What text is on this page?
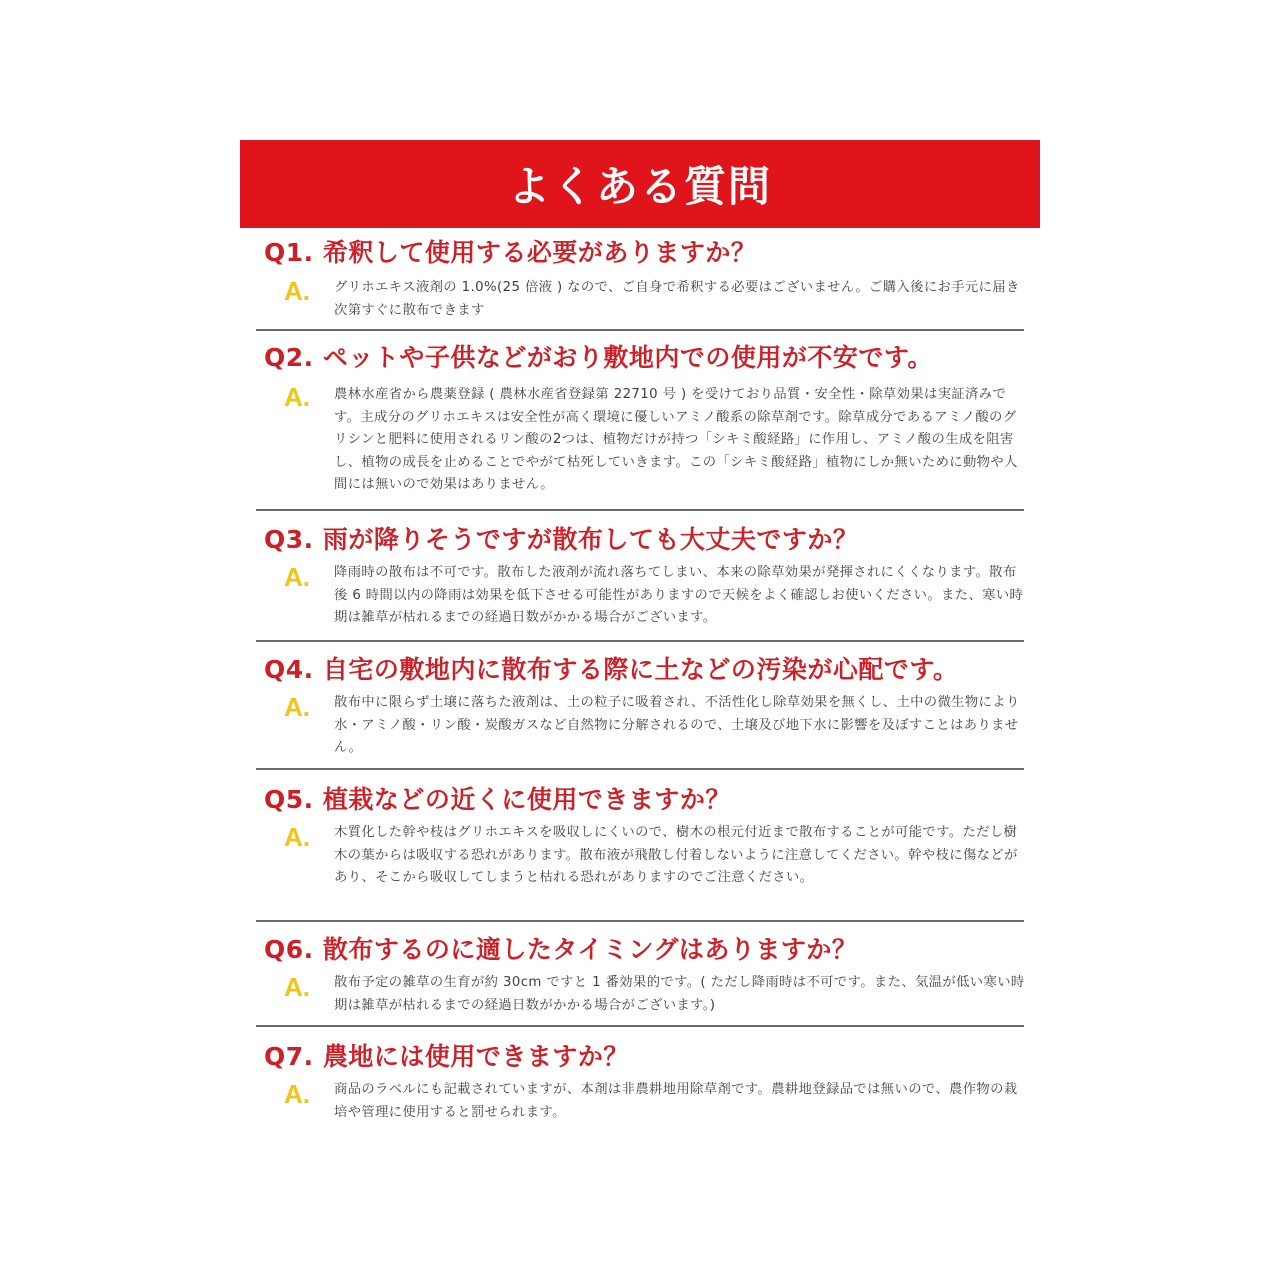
よくある質問
Q1. 希釈して使用する必要がありますか？
A. グリホエキス液剤の 1.0%(25 倍液 ) なので、ご自身で希釈する必要はございません。ご購入後にお手元に届き次第すぐに散布できます

Q2. ペットや子供などがおり敷地内での使用が不安です。
A. 農林水産省から農薬登録 ( 農林水産省登録第 22710 号 ) を受けており品質・安全性・除草効果は実証済みです。主成分のグリホエキスは安全性が高く環境に優しいアミノ酸系の除草剤です。除草成分であるアミノ酸のグリシンと肥料に使用されるリン酸の2つは、植物だけが持つ「シキミ酸経路」に作用し、アミノ酸の生成を阻害し、植物の成長を止めることでやがて枯死していきます。この「シキミ酸経路」植物にしか無いために動物や人間には無いので効果はありません。

Q3. 雨が降りそうですが散布しても大丈夫ですか？
A. 降雨時の散布は不可です。散布した液剤が流れ落ちてしまい、本来の除草効果が発揮されにくくなります。散布後 6 時間以内の降雨は効果を低下させる可能性がありますので天候をよく確認しお使いください。また、寒い時期は雑草が枯れるまでの経過日数がかかる場合がございます。

Q4. 自宅の敷地内に散布する際に土などの汚染が心配です。
A. 散布中に限らず土壌に落ちた液剤は、土の粒子に吸着され、不活性化し除草効果を無くし、土中の微生物により水・アミノ酸・リン酸・炭酸ガスなど自然物に分解されるので、土壌及び地下水に影響を及ぼすことはありません。

Q5. 植栽などの近くに使用できますか？
A. 木質化した幹や枝はグリホエキスを吸収しにくいので、樹木の根元付近まで散布することが可能です。ただし樹木の葉からは吸収する恐れがあります。散布液が飛散し付着しないように注意してください。幹や枝に傷などがあり、そこから吸収してしまうと枯れる恐れがありますのでご注意ください。

Q6. 散布するのに適したタイミングはありますか？
A. 散布予定の雑草の生育が約 30cm ですと 1 番効果的です。( ただし降雨時は不可です。また、気温が低い寒い時期は雑草が枯れるまでの経過日数がかかる場合がございます。)

Q7. 農地には使用できますか？
A. 商品のラベルにも記載されていますが、本剤は非農耕地用除草剤です。農耕地登録品では無いので、農作物の栽培や管理に使用すると罰せられます。
